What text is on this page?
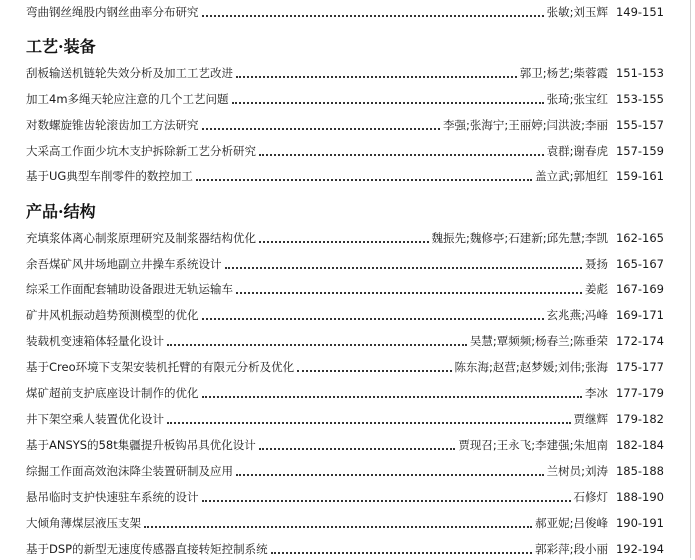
弯曲钢丝绳股内钢丝曲率分布研究	张敏;刘玉辉 149-151
工艺·装备
刮板输送机链轮失效分析及加工工艺改进	郭卫;杨艺;柴蓉霞 151-153
加工4m多绳天轮应注意的几个工艺问题	张琦;张宝红 153-155
对数螺旋锥齿轮滚齿加工方法研究	李强;张海宁;王丽婷;闫洪波;李丽 155-157
大采高工作面少坑木支护拆除新工艺分析研究	袁群;谢春虎 157-159
基于UG典型车削零件的数控加工	盖立武;郭旭红 159-161
产品·结构
充填浆体离心制浆原理研究及制浆器结构优化	魏振先;魏修亭;石建新;邱先慧;李凯 162-165
余吾煤矿风井场地副立井操车系统设计	聂扬 165-167
综采工作面配套辅助设备跟进无轨运输车	姜彪 167-169
矿井风机振动趋势预测模型的优化	玄兆燕;冯峰 169-171
装载机变速箱体轻量化设计	吴慧;覃频频;杨春兰;陈垂荣 172-174
基于Creo环境下支架安装机托臂的有限元分析及优化	陈东海;赵营;赵梦媛;刘伟;张海 175-177
煤矿超前支护底座设计制作的优化	李冰 177-179
井下架空乘人装置优化设计	贾继辉 179-182
基于ANSYS的58t集疆提升板钩吊具优化设计	贾现召;王永飞;李建强;朱旭南 182-184
综掘工作面高效泡沫降尘装置研制及应用	兰树员;刘涛 185-188
悬吊临时支护快速驻车系统的设计	石修灯 188-190
大倾角薄煤层液压支架	郝亚妮;吕俊峰 190-191
基于DSP的新型无速度传感器直接转矩控制系统	郭彩萍;段小丽 192-194
